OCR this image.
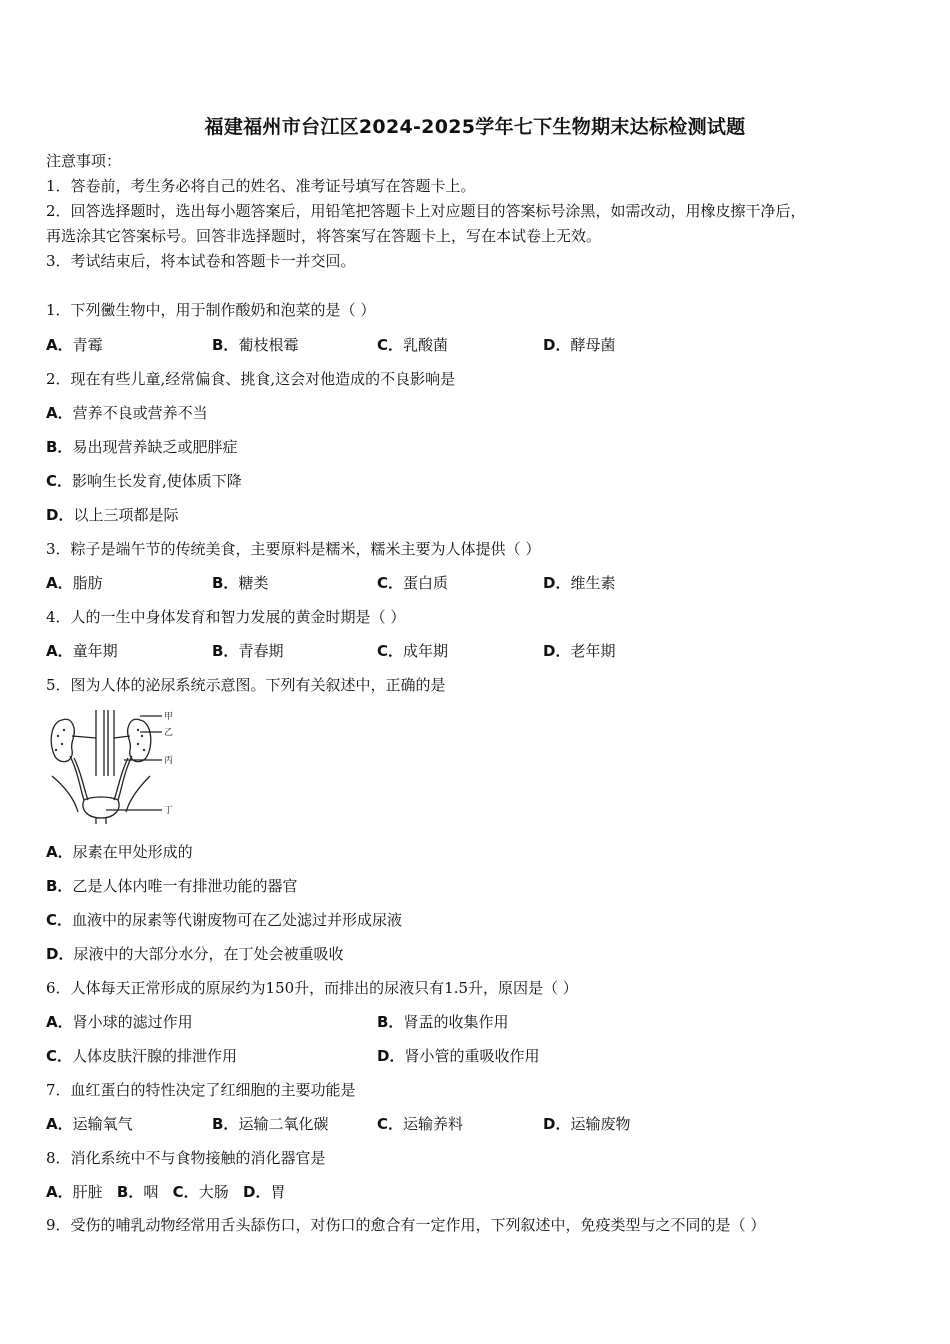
福建福州市台江区2024-2025学年七下生物期末达标检测试题
注意事项：
1．答卷前，考生务必将自己的姓名、准考证号填写在答题卡上。
2．回答选择题时，选出每小题答案后，用铅笔把答题卡上对应题目的答案标号涂黑，如需改动，用橡皮擦干净后，
再选涂其它答案标号。回答非选择题时，将答案写在答题卡上，写在本试卷上无效。
3．考试结束后，将本试卷和答题卡一并交回。
1．下列黴生物中，用于制作酸奶和泡菜的是（ ）
A．青霉	B．葡枝根霉	C．乳酸菌	D．酵母菌
2．现在有些儿童,经常偏食、挑食,这会对他造成的不良影响是
A．营养不良或营养不当
B．易出现营养缺乏或肥胖症
C．影响生长发育,使体质下降
D．以上三项都是际
3．粽子是端午节的传统美食，主要原料是糯米，糯米主要为人体提供（ ）
A．脂肪	B．糖类	C．蛋白质	D．维生素
4．人的一生中身体发育和智力发展的黄金时期是（ ）
A．童年期	B．青春期	C．成年期	D．老年期
5．图为人体的泌尿系统示意图。下列有关叙述中，正确的是
甲
乙
丙
丁
A．尿素在甲处形成的
B．乙是人体内唯一有排泄功能的器官
C．血液中的尿素等代谢废物可在乙处滤过并形成尿液
D．尿液中的大部分水分，在丁处会被重吸收
6．人体每天正常形成的原尿约为150升，而排出的尿液只有1.5升，原因是（ ）
A．肾小球的滤过作用	B．肾盂的收集作用
C．人体皮肤汗腺的排泄作用	D．肾小管的重吸收作用
7．血红蛋白的特性决定了红细胞的主要功能是
A．运输氧气	B．运输二氧化碳	C．运输养料	D．运输废物
8．消化系统中不与食物接触的消化器官是
A．肝脏   B．咽   C．大肠   D．胃
9．受伤的哺乳动物经常用舌头舔伤口，对伤口的愈合有一定作用，下列叙述中，免疫类型与之不同的是（ ）
